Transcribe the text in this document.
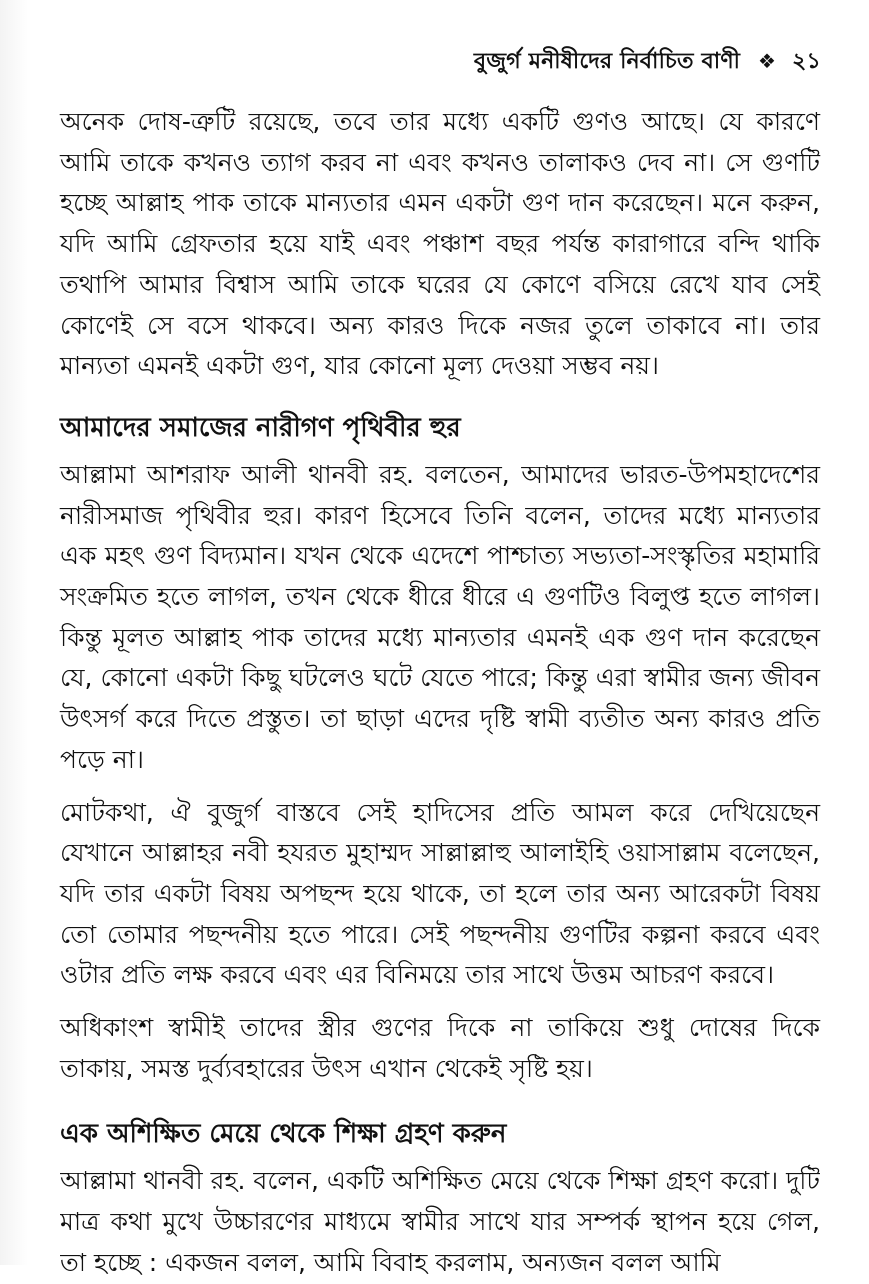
বুজুর্গ মনীষীদের নির্বাচিত বাণী ❖ ২১

অনেক দোষ-ত্রুটি রয়েছে, তবে তার মধ্যে একটি গুণও আছে। যে কারণে আমি তাকে কখনও ত্যাগ করব না এবং কখনও তালাকও দেব না। সে গুণটি হচ্ছে আল্লাহ পাক তাকে মান্যতার এমন একটা গুণ দান করেছেন। মনে করুন, যদি আমি গ্রেফতার হয়ে যাই এবং পঞ্চাশ বছর পর্যন্ত কারাগারে বন্দি থাকি তথাপি আমার বিশ্বাস আমি তাকে ঘরের যে কোণে বসিয়ে রেখে যাব সেই কোণেই সে বসে থাকবে। অন্য কারও দিকে নজর তুলে তাকাবে না। তার মান্যতা এমনই একটা গুণ, যার কোনো মূল্য দেওয়া সম্ভব নয়।

আমাদের সমাজের নারীগণ পৃথিবীর হুর

আল্লামা আশরাফ আলী থানবী রহ. বলতেন, আমাদের ভারত-উপমহাদেশের নারীসমাজ পৃথিবীর হুর। কারণ হিসেবে তিনি বলেন, তাদের মধ্যে মান্যতার এক মহৎ গুণ বিদ্যমান। যখন থেকে এদেশে পাশ্চাত্য সভ্যতা-সংস্কৃতির মহামারি সংক্রমিত হতে লাগল, তখন থেকে ধীরে ধীরে এ গুণটিও বিলুপ্ত হতে লাগল। কিন্তু মূলত আল্লাহ পাক তাদের মধ্যে মান্যতার এমনই এক গুণ দান করেছেন যে, কোনো একটা কিছু ঘটলেও ঘটে যেতে পারে; কিন্তু এরা স্বামীর জন্য জীবন উৎসর্গ করে দিতে প্রস্তুত। তা ছাড়া এদের দৃষ্টি স্বামী ব্যতীত অন্য কারও প্রতি পড়ে না।

মোটকথা, ঐ বুজুর্গ বাস্তবে সেই হাদিসের প্রতি আমল করে দেখিয়েছেন যেখানে আল্লাহর নবী হযরত মুহাম্মদ সাল্লাল্লাহু আলাইহি ওয়াসাল্লাম বলেছেন, যদি তার একটা বিষয় অপছন্দ হয়ে থাকে, তা হলে তার অন্য আরেকটা বিষয় তো তোমার পছন্দনীয় হতে পারে। সেই পছন্দনীয় গুণটির কল্পনা করবে এবং ওটার প্রতি লক্ষ করবে এবং এর বিনিময়ে তার সাথে উত্তম আচরণ করবে।

অধিকাংশ স্বামীই তাদের স্ত্রীর গুণের দিকে না তাকিয়ে শুধু দোষের দিকে তাকায়, সমস্ত দুর্ব্যবহারের উৎস এখান থেকেই সৃষ্টি হয়।

এক অশিক্ষিত মেয়ে থেকে শিক্ষা গ্রহণ করুন

আল্লামা থানবী রহ. বলেন, একটি অশিক্ষিত মেয়ে থেকে শিক্ষা গ্রহণ করো। দুটি মাত্র কথা মুখে উচ্চারণের মাধ্যমে স্বামীর সাথে যার সম্পর্ক স্থাপন হয়ে গেল, তা হচ্ছে : একজন বলল, আমি বিবাহ করলাম, অন্যজন বলল আমি
